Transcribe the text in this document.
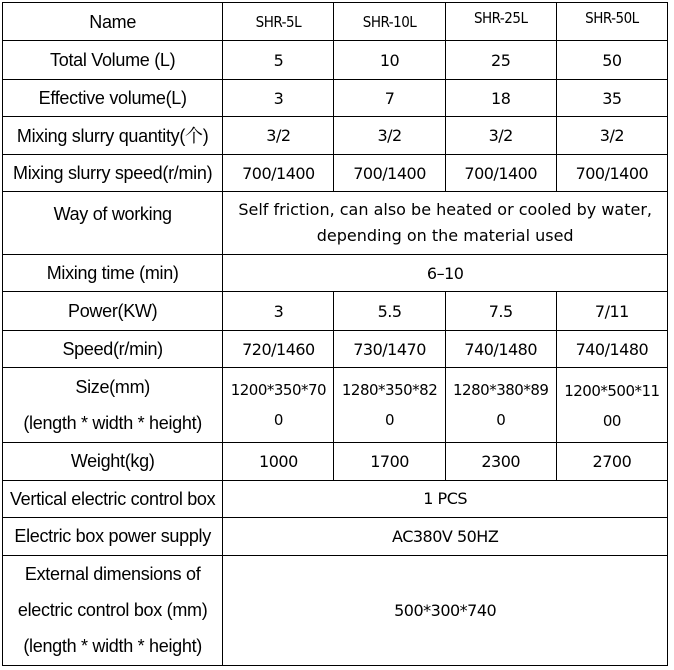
Name	SHR-5L	SHR-10L	SHR-25L	SHR-50L
Total Volume (L)	5	10	25	50
Effective volume(L)	3	7	18	35
Mixing slurry quantity(个)	3/2	3/2	3/2	3/2
Mixing slurry speed(r/min)	700/1400	700/1400	700/1400	700/1400
Way of working	Self friction, can also be heated or cooled by water,
depending on the material used			

Mixing time (min)	6–10			
Power(KW)	3	5.5	7.5	7/11
Speed(r/min)	720/1460	730/1470	740/1480	740/1480

Size(mm)
(length * width * height)	1200*350*700	1280*350*820	1280*380*890	1200*500*1100
Weight(kg)	1000	1700	2300	2700
Vertical electric control box	1 PCS			
Electric box power supply	AC380V 50HZ			

External dimensions of
electric control box (mm)
(length * width * height)	500*300*740			
